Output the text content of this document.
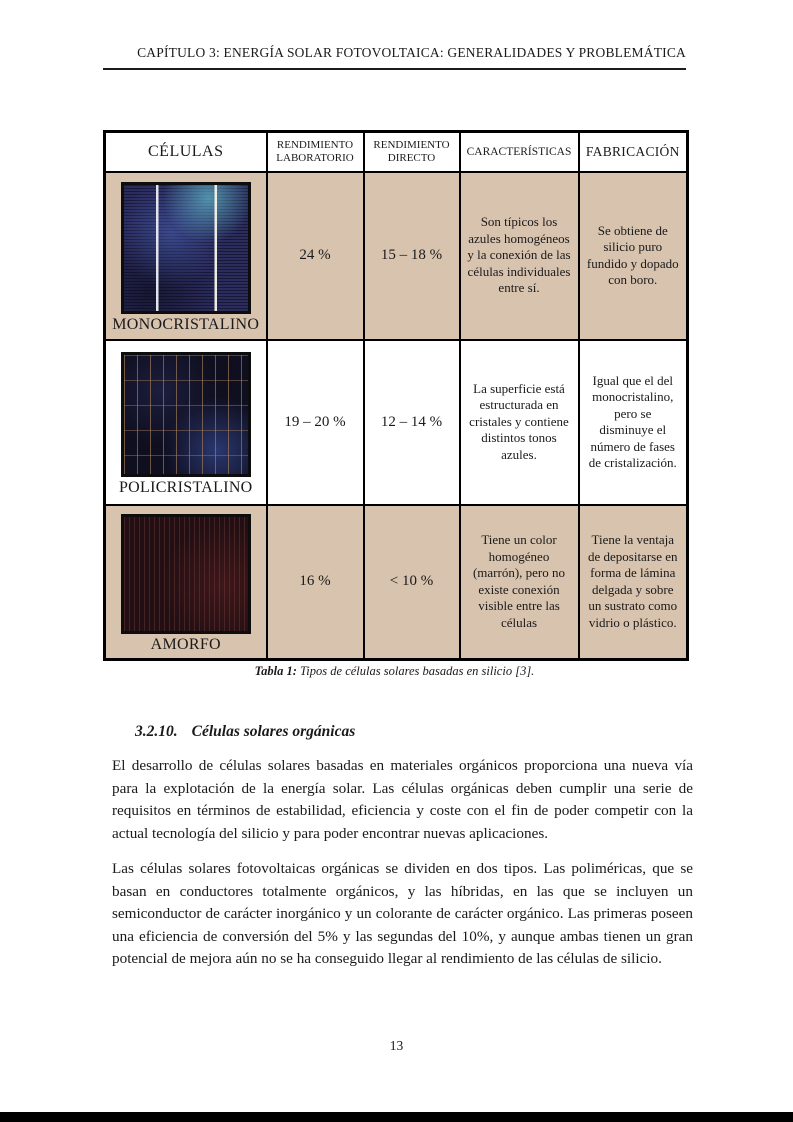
CAPÍTULO 3: ENERGÍA SOLAR FOTOVOLTAICA: GENERALIDADES Y PROBLEMÁTICA
CÉLULAS	RENDIMIENTO LABORATORIO	RENDIMIENTO DIRECTO	CARACTERÍSTICAS	FABRICACIÓN

MONOCRISTALINO	24 %	15 – 18 %	Son típicos los azules homogéneos y la conexión de las células individuales entre sí.	Se obtiene de silicio puro fundido y dopado con boro.

POLICRISTALINO	19 – 20 %	12 – 14 %	La superficie está estructurada en cristales y contiene distintos tonos azules.	Igual que el del monocristalino, pero se disminuye el número de fases de cristalización.

AMORFO	16 %	< 10 %	Tiene un color homogéneo (marrón), pero no existe conexión visible entre las células	Tiene la ventaja de depositarse en forma de lámina delgada y sobre un sustrato como vidrio o plástico.
Tabla 1: Tipos de células solares basadas en silicio [3].
3.2.10. Células solares orgánicas

El desarrollo de células solares basadas en materiales orgánicos proporciona una nueva vía para la explotación de la energía solar. Las células orgánicas deben cumplir una serie de requisitos en términos de estabilidad, eficiencia y coste con el fin de poder competir con la actual tecnología del silicio y para poder encontrar nuevas aplicaciones.

Las células solares fotovoltaicas orgánicas se dividen en dos tipos. Las poliméricas, que se basan en conductores totalmente orgánicos, y las híbridas, en las que se incluyen un semiconductor de carácter inorgánico y un colorante de carácter orgánico. Las primeras poseen una eficiencia de conversión del 5% y las segundas del 10%, y aunque ambas tienen un gran potencial de mejora aún no se ha conseguido llegar al rendimiento de las células de silicio.

13
